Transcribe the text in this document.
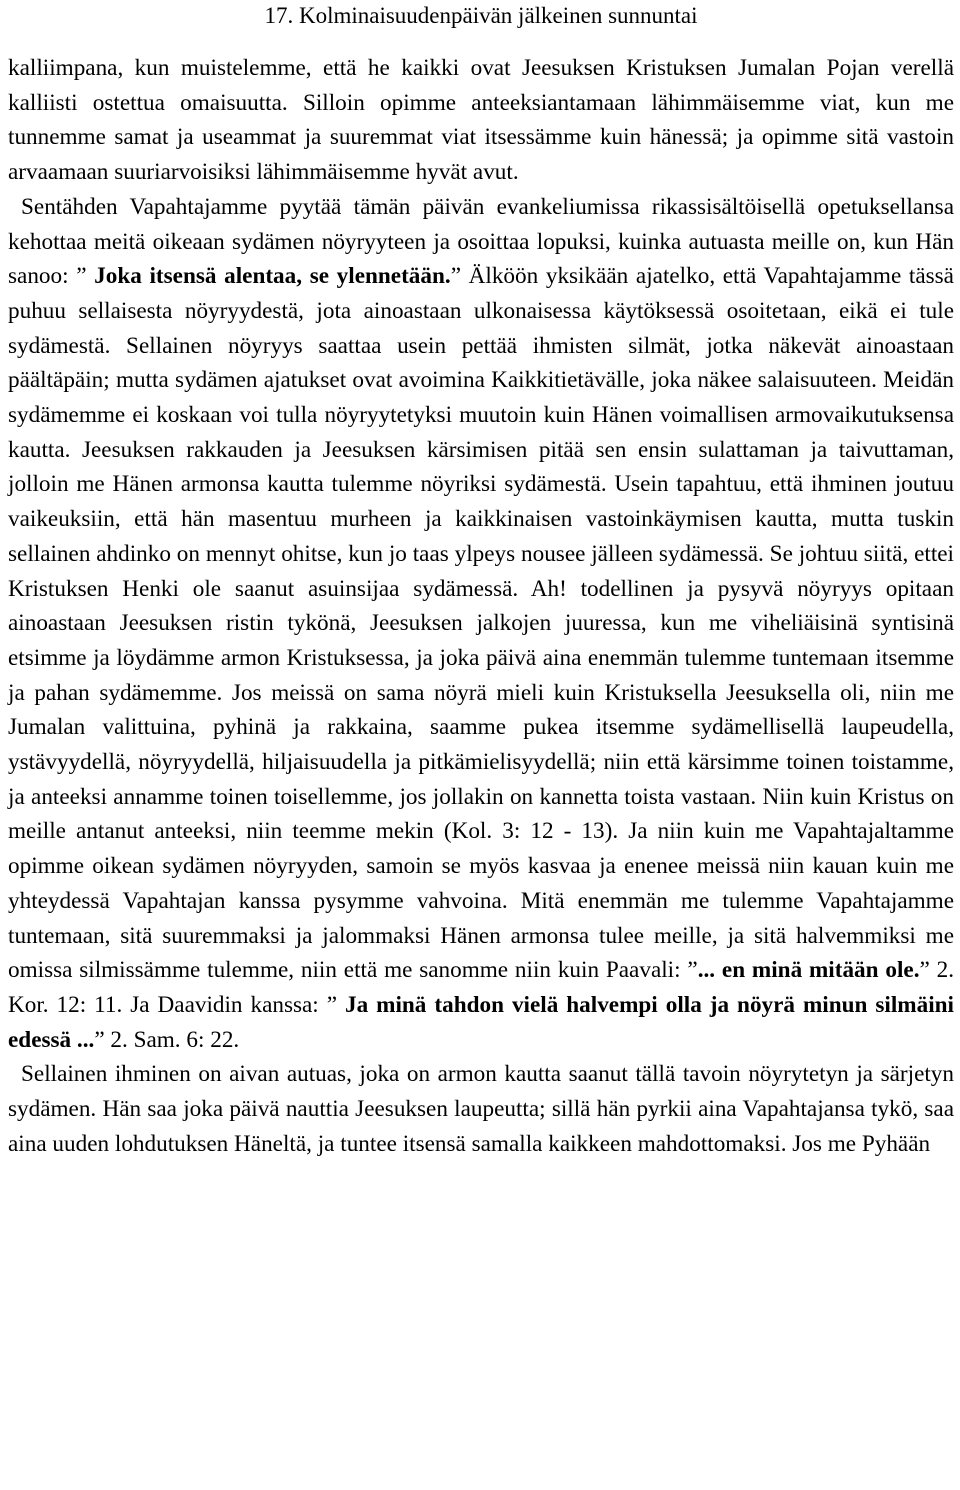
17. Kolminaisuudenpäivän jälkeinen sunnuntai

kalliimpana, kun muistelemme, että he kaikki ovat Jeesuksen Kristuksen Jumalan Pojan verellä kalliisti ostettua omaisuutta. Silloin opimme anteeksiantamaan lähimmäisemme viat, kun me tunnemme samat ja useammat ja suuremmat viat itsessämme kuin hänessä; ja opimme sitä vastoin arvaamaan suuriarvoisiksi lähimmäisemme hyvät avut.

Sentähden Vapahtajamme pyytää tämän päivän evankeliumissa rikassisältöisellä opetuksellansa kehottaa meitä oikeaan sydämen nöyryyteen ja osoittaa lopuksi, kuinka autuasta meille on, kun Hän sanoo: ” Joka itsensä alentaa, se ylennetään.” Älköön yksikään ajatelko, että Vapahtajamme tässä puhuu sellaisesta nöyryydestä, jota ainoastaan ulkonaisessa käytöksessä osoitetaan, eikä ei tule sydämestä. Sellainen nöyryys saattaa usein pettää ihmisten silmät, jotka näkevät ainoastaan päältäpäin; mutta sydämen ajatukset ovat avoimina Kaikkitietävälle, joka näkee salaisuuteen. Meidän sydämemme ei koskaan voi tulla nöyryytetyksi muutoin kuin Hänen voimallisen armovaikutuksensa kautta. Jeesuksen rakkauden ja Jeesuksen kärsimisen pitää sen ensin sulattaman ja taivuttaman, jolloin me Hänen armonsa kautta tulemme nöyriksi sydämestä. Usein tapahtuu, että ihminen joutuu vaikeuksiin, että hän masentuu murheen ja kaikkinaisen vastoinkäymisen kautta, mutta tuskin sellainen ahdinko on mennyt ohitse, kun jo taas ylpeys nousee jälleen sydämessä. Se johtuu siitä, ettei Kristuksen Henki ole saanut asuinsijaa sydämessä. Ah! todellinen ja pysyvä nöyryys opitaan ainoastaan Jeesuksen ristin tykönä, Jeesuksen jalkojen juuressa, kun me viheliäisinä syntisinä etsimme ja löydämme armon Kristuksessa, ja joka päivä aina enemmän tulemme tuntemaan itsemme ja pahan sydämemme. Jos meissä on sama nöyrä mieli kuin Kristuksella Jeesuksella oli, niin me Jumalan valittuina, pyhinä ja rakkaina, saamme pukea itsemme sydämellisellä laupeudella, ystävyydellä, nöyryydellä, hiljaisuudella ja pitkämielisyydellä; niin että kärsimme toinen toistamme, ja anteeksi annamme toinen toisellemme, jos jollakin on kannetta toista vastaan. Niin kuin Kristus on meille antanut anteeksi, niin teemme mekin (Kol. 3: 12 - 13). Ja niin kuin me Vapahtajaltamme opimme oikean sydämen nöyryyden, samoin se myös kasvaa ja enenee meissä niin kauan kuin me yhteydessä Vapahtajan kanssa pysymme vahvoina. Mitä enemmän me tulemme Vapahtajamme tuntemaan, sitä suuremmaksi ja jalommaksi Hänen armonsa tulee meille, ja sitä halvemmiksi me omissa silmissämme tulemme, niin että me sanomme niin kuin Paavali: ”... en minä mitään ole.” 2. Kor. 12: 11. Ja Daavidin kanssa: ” Ja minä tahdon vielä halvempi olla ja nöyrä minun silmäini edessä ...” 2. Sam. 6: 22.

Sellainen ihminen on aivan autuas, joka on armon kautta saanut tällä tavoin nöyrytetyn ja särjetyn sydämen. Hän saa joka päivä nauttia Jeesuksen laupeutta; sillä hän pyrkii aina Vapahtajansa tykö, saa aina uuden lohdutuksen Häneltä, ja tuntee itsensä samalla kaikkeen mahdottomaksi. Jos me Pyhään
